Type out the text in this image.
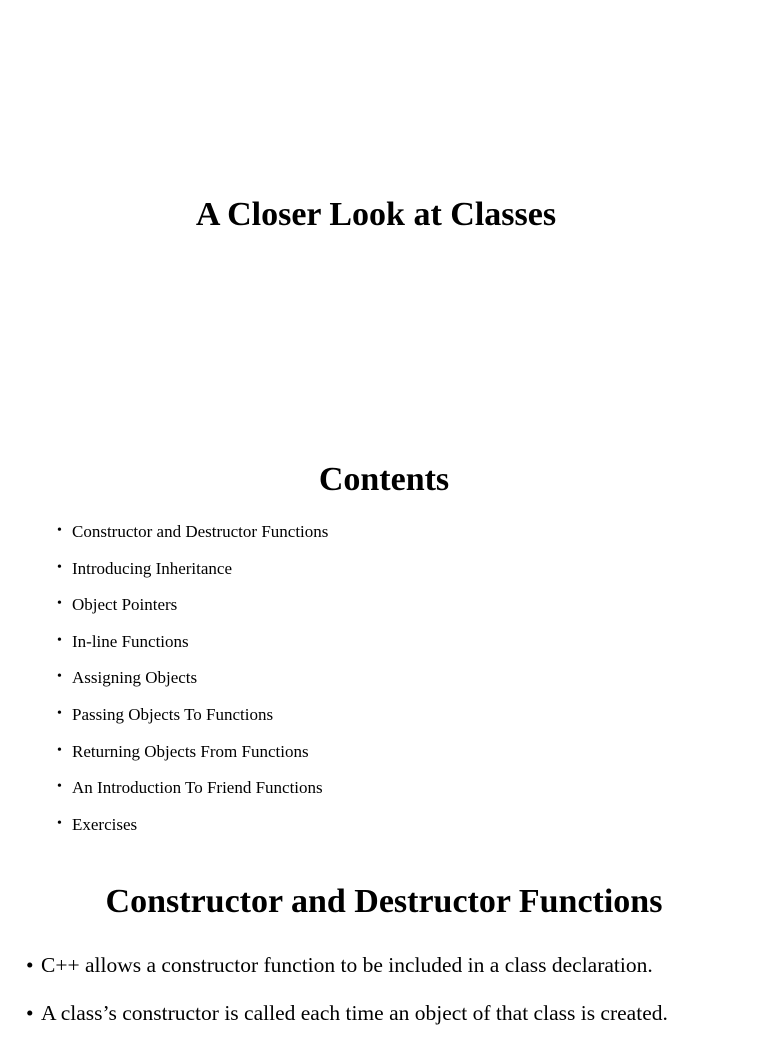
A Closer Look at Classes
Contents
• Constructor and Destructor Functions
• Introducing Inheritance
• Object Pointers
• In-line Functions
• Assigning Objects
• Passing Objects To Functions
• Returning Objects From Functions
• An Introduction To Friend Functions
• Exercises
Constructor and Destructor Functions
• C++ allows a constructor function to be included in a class declaration.
• A class’s constructor is called each time an object of that class is created.
